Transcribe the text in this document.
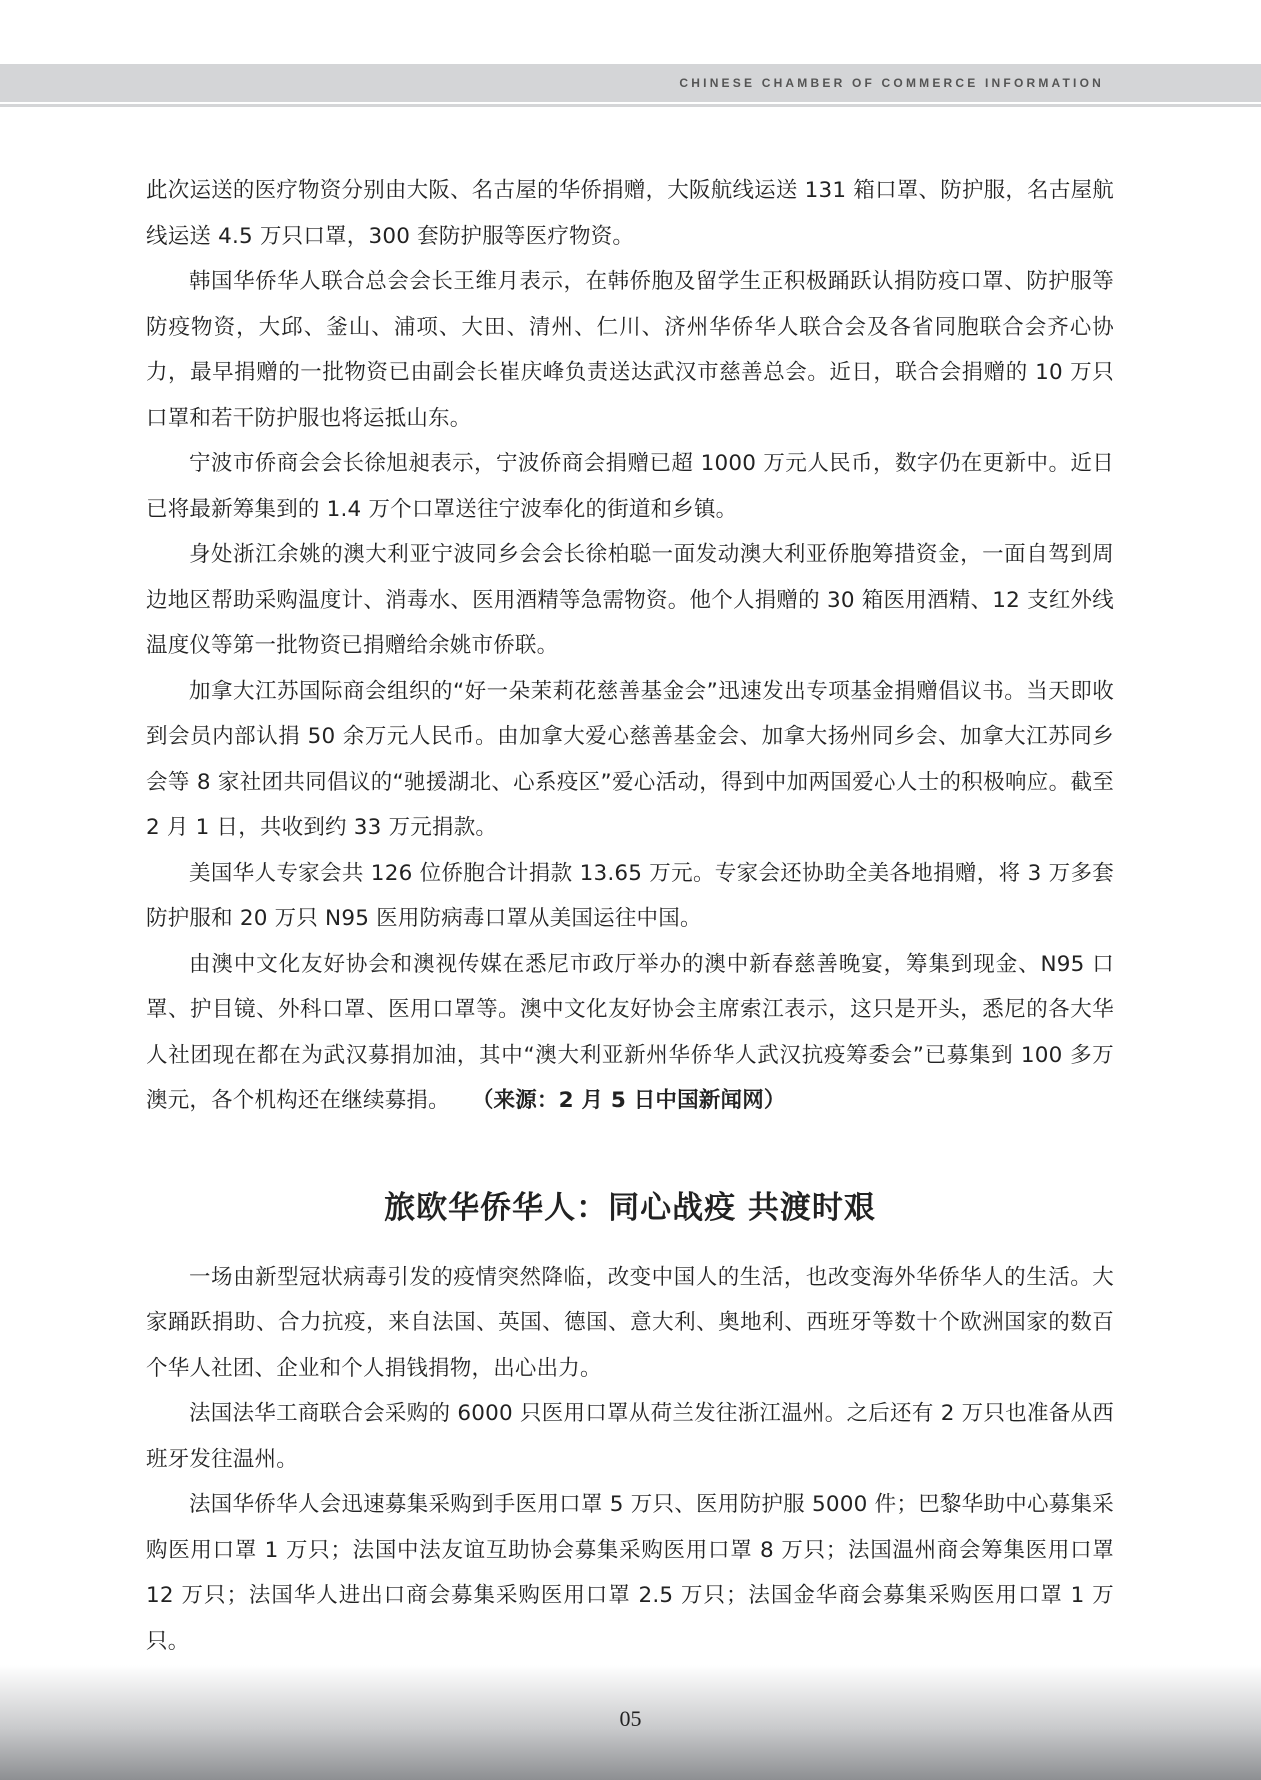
CHINESE CHAMBER OF COMMERCE INFORMATION

此次运送的医疗物资分别由大阪、名古屋的华侨捐赠，大阪航线运送 131 箱口罩、防护服，名古屋航线运送 4.5 万只口罩，300 套防护服等医疗物资。

韩国华侨华人联合总会会长王维月表示，在韩侨胞及留学生正积极踊跃认捐防疫口罩、防护服等防疫物资，大邱、釜山、浦项、大田、清州、仁川、济州华侨华人联合会及各省同胞联合会齐心协力，最早捐赠的一批物资已由副会长崔庆峰负责送达武汉市慈善总会。近日，联合会捐赠的 10 万只口罩和若干防护服也将运抵山东。

宁波市侨商会会长徐旭昶表示，宁波侨商会捐赠已超 1000 万元人民币，数字仍在更新中。近日已将最新筹集到的 1.4 万个口罩送往宁波奉化的街道和乡镇。

身处浙江余姚的澳大利亚宁波同乡会会长徐柏聪一面发动澳大利亚侨胞筹措资金，一面自驾到周边地区帮助采购温度计、消毒水、医用酒精等急需物资。他个人捐赠的 30 箱医用酒精、12 支红外线温度仪等第一批物资已捐赠给余姚市侨联。

加拿大江苏国际商会组织的“好一朵茉莉花慈善基金会”迅速发出专项基金捐赠倡议书。当天即收到会员内部认捐 50 余万元人民币。由加拿大爱心慈善基金会、加拿大扬州同乡会、加拿大江苏同乡会等 8 家社团共同倡议的“驰援湖北、心系疫区”爱心活动，得到中加两国爱心人士的积极响应。截至 2 月 1 日，共收到约 33 万元捐款。

美国华人专家会共 126 位侨胞合计捐款 13.65 万元。专家会还协助全美各地捐赠，将 3 万多套防护服和 20 万只 N95 医用防病毒口罩从美国运往中国。

由澳中文化友好协会和澳视传媒在悉尼市政厅举办的澳中新春慈善晚宴，筹集到现金、N95 口罩、护目镜、外科口罩、医用口罩等。澳中文化友好协会主席索江表示，这只是开头，悉尼的各大华人社团现在都在为武汉募捐加油，其中“澳大利亚新州华侨华人武汉抗疫筹委会”已募集到 100 多万澳元，各个机构还在继续募捐。 （来源：2 月 5 日中国新闻网）

旅欧华侨华人：同心战疫 共渡时艰

一场由新型冠状病毒引发的疫情突然降临，改变中国人的生活，也改变海外华侨华人的生活。大家踊跃捐助、合力抗疫，来自法国、英国、德国、意大利、奥地利、西班牙等数十个欧洲国家的数百个华人社团、企业和个人捐钱捐物，出心出力。

法国法华工商联合会采购的 6000 只医用口罩从荷兰发往浙江温州。之后还有 2 万只也准备从西班牙发往温州。

法国华侨华人会迅速募集采购到手医用口罩 5 万只、医用防护服 5000 件；巴黎华助中心募集采购医用口罩 1 万只；法国中法友谊互助协会募集采购医用口罩 8 万只；法国温州商会筹集医用口罩 12 万只；法国华人进出口商会募集采购医用口罩 2.5 万只；法国金华商会募集采购医用口罩 1 万只。

05
